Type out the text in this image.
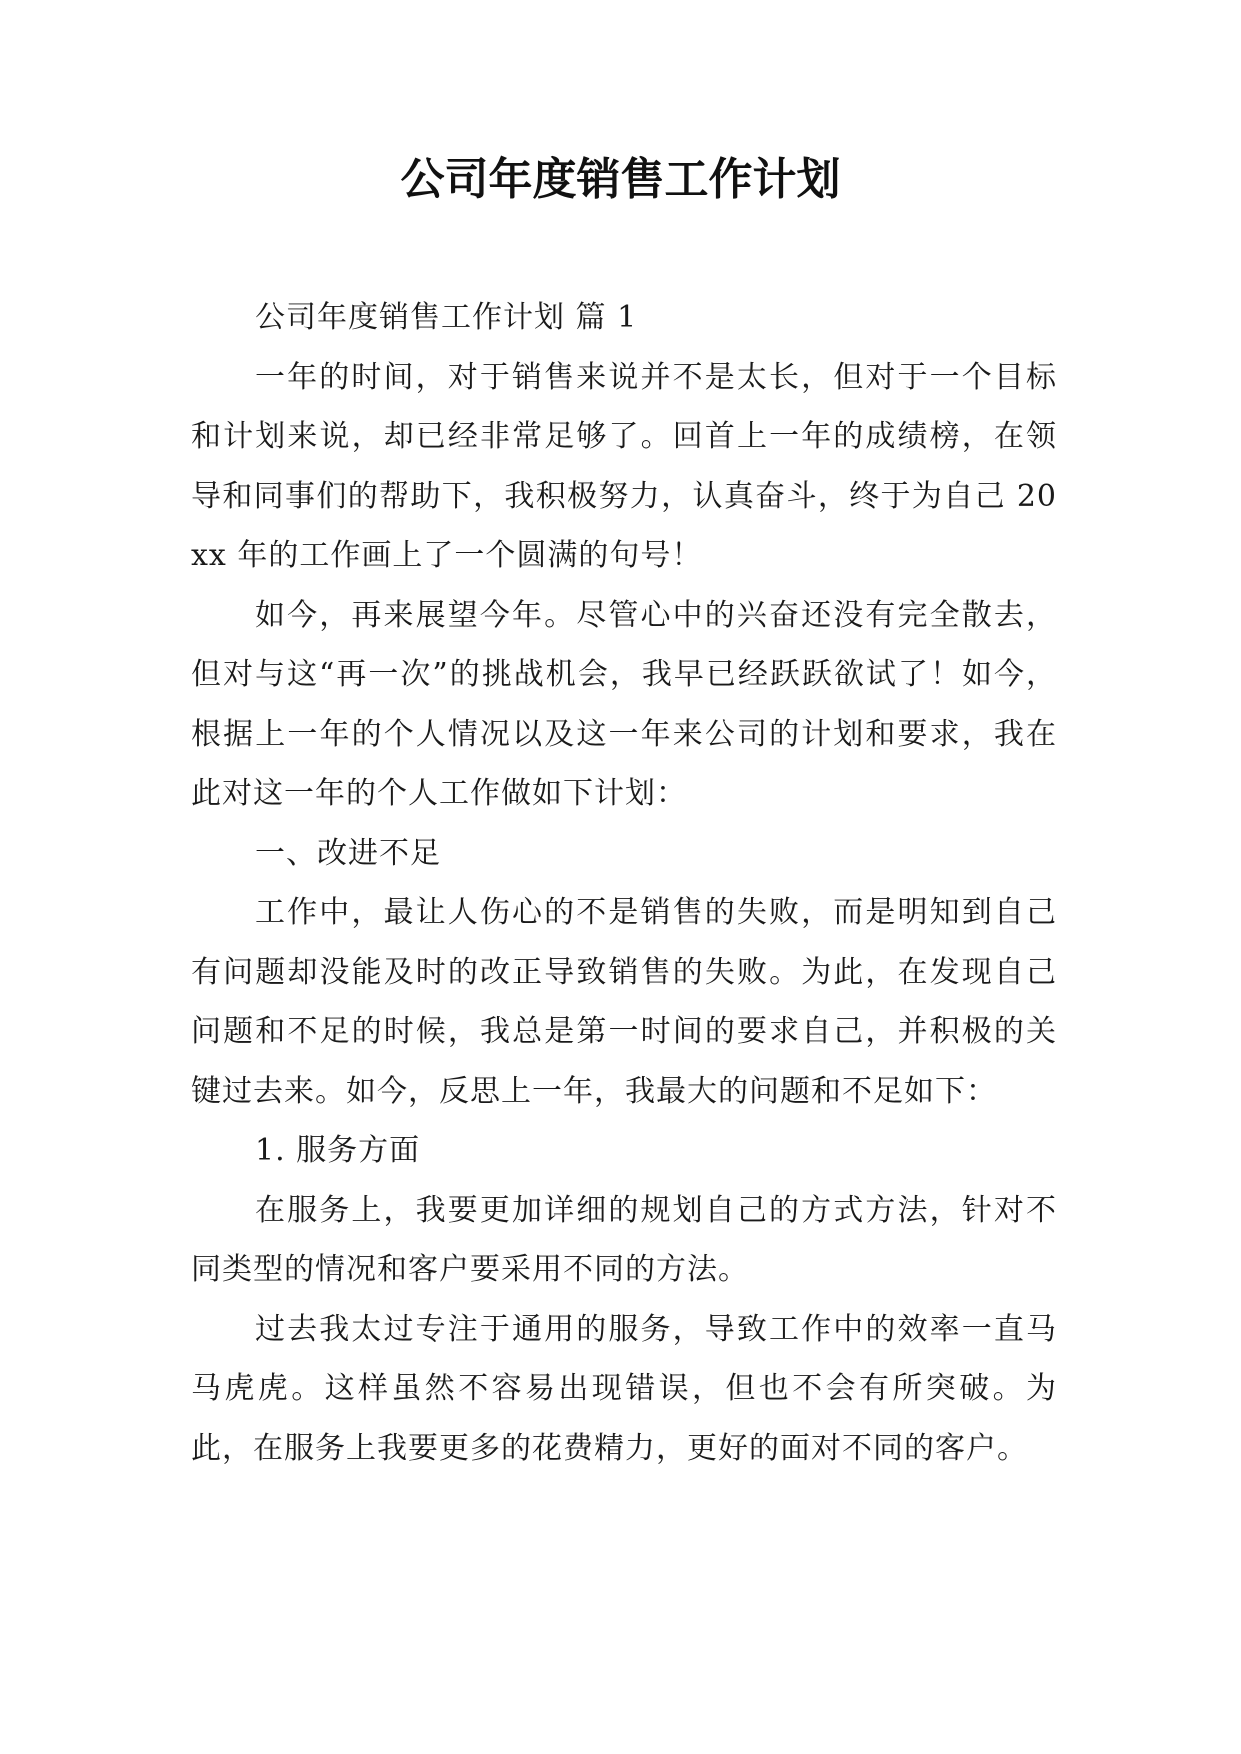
公司年度销售工作计划

公司年度销售工作计划 篇 1

一年的时间，对于销售来说并不是太长，但对于一个目标和计划来说，却已经非常足够了。回首上一年的成绩榜，在领导和同事们的帮助下，我积极努力，认真奋斗，终于为自己 20xx 年的工作画上了一个圆满的句号！

如今，再来展望今年。尽管心中的兴奋还没有完全散去，但对与这“再一次”的挑战机会，我早已经跃跃欲试了！如今，根据上一年的个人情况以及这一年来公司的计划和要求，我在此对这一年的个人工作做如下计划：

一、改进不足

工作中，最让人伤心的不是销售的失败，而是明知到自己有问题却没能及时的改正导致销售的失败。为此，在发现自己问题和不足的时候，我总是第一时间的要求自己，并积极的关键过去来。如今，反思上一年，我最大的问题和不足如下：

1. 服务方面

在服务上，我要更加详细的规划自己的方式方法，针对不同类型的情况和客户要采用不同的方法。

过去我太过专注于通用的服务，导致工作中的效率一直马马虎虎。这样虽然不容易出现错误，但也不会有所突破。为此，在服务上我要更多的花费精力，更好的面对不同的客户。
